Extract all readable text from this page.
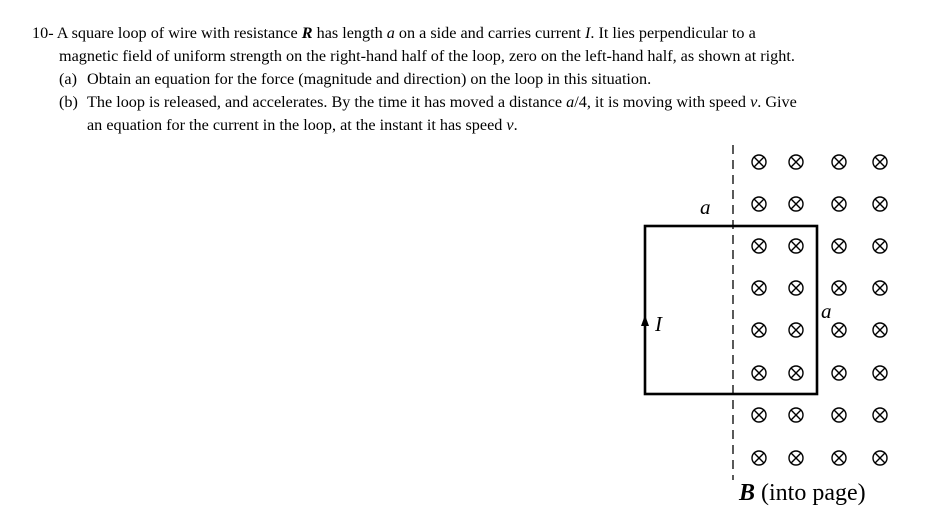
10- A square loop of wire with resistance R has length a on a side and carries current I. It lies perpendicular to a
magnetic field of uniform strength on the right-hand half of the loop, zero on the left-hand half, as shown at right.
(a) Obtain an equation for the force (magnitude and direction) on the loop in this situation.
(b) The loop is released, and accelerates. By the time it has moved a distance a/4, it is moving with speed v. Give
an equation for the current in the loop, at the instant it has speed v.
a
a
I
B (into page)
